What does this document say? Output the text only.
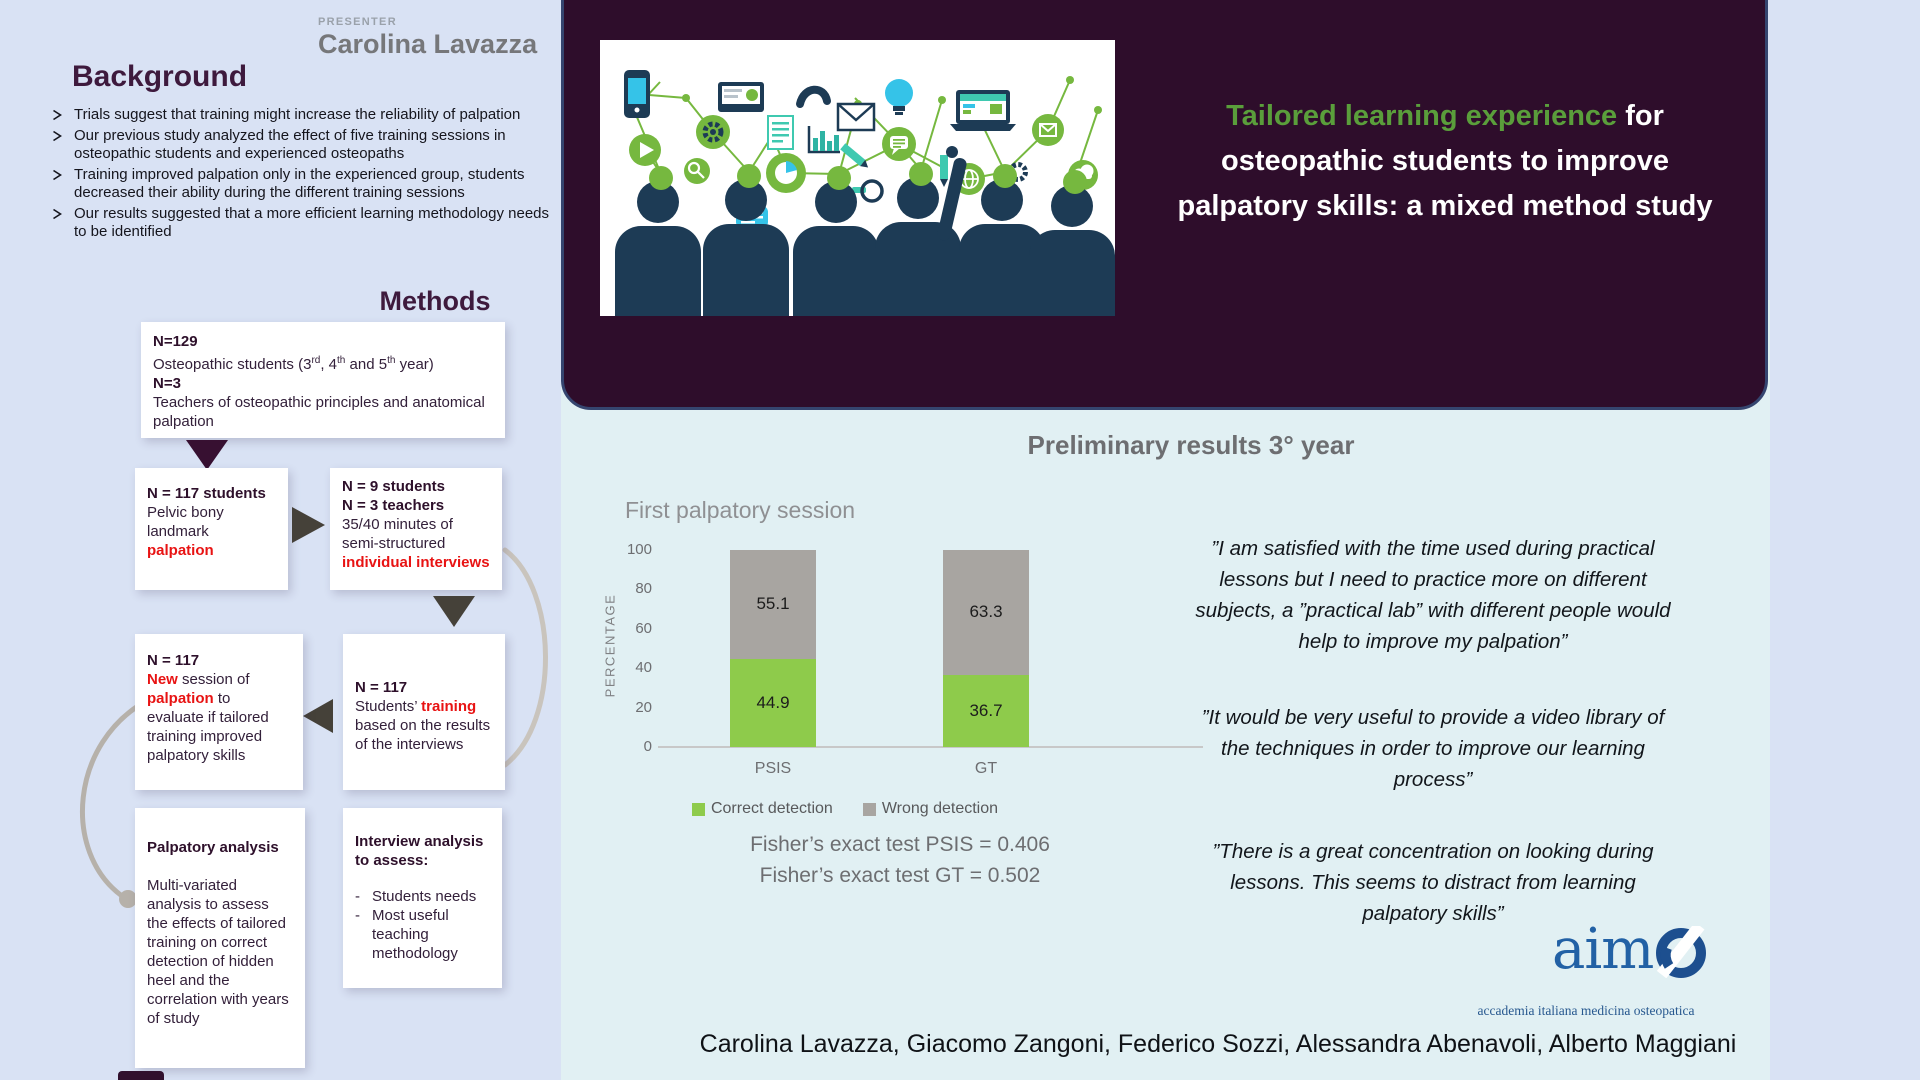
PRESENTER
Carolina Lavazza
Background
Trials suggest that training might increase the reliability of palpation
Our previous study analyzed the effect of five training sessions in osteopathic students and experienced osteopaths
Training improved palpation only in the experienced group, students decreased their ability during the different training sessions
Our results suggested that a more efficient learning methodology needs to be identified
Methods
N=129
Osteopathic students (3rd, 4th and 5th year)
N=3
Teachers of osteopathic principles and anatomical palpation
N = 117 students
Pelvic bony
landmark
palpation
N = 9 students
N = 3 teachers
35/40 minutes of
semi-structured
individual interviews
N = 117
Students’ training
based on the results
of the interviews
N = 117
New session of
palpation to
evaluate if tailored
training improved
palpatory skills
Palpatory analysis
Multi-variated analysis to assess the effects of tailored training on correct detection of hidden heel and the correlation with years of study
Interview analysis to assess:
- Students needs
- Most useful teaching methodology
Tailored learning experience for osteopathic students to improve palpatory skills: a mixed method study
Preliminary results 3° year
First palpatory session
PERCENTAGE
100
80
60
40
20
0
55.1
44.9
63.3
36.7
PSIS	GT
Correct detection	Wrong detection
Fisher’s exact test PSIS = 0.406
Fisher’s exact test GT = 0.502
”I am satisfied with the time used during practical lessons but I need to practice more on different subjects, a ”practical lab” with different people would help to improve my palpation”
”It would be very useful to provide a video library of the techniques in order to improve our learning process”
”There is a great concentration on looking during lessons. This seems to distract from learning palpatory skills”
aim
accademia italiana medicina osteopatica
Carolina Lavazza, Giacomo Zangoni, Federico Sozzi, Alessandra Abenavoli, Alberto Maggiani
